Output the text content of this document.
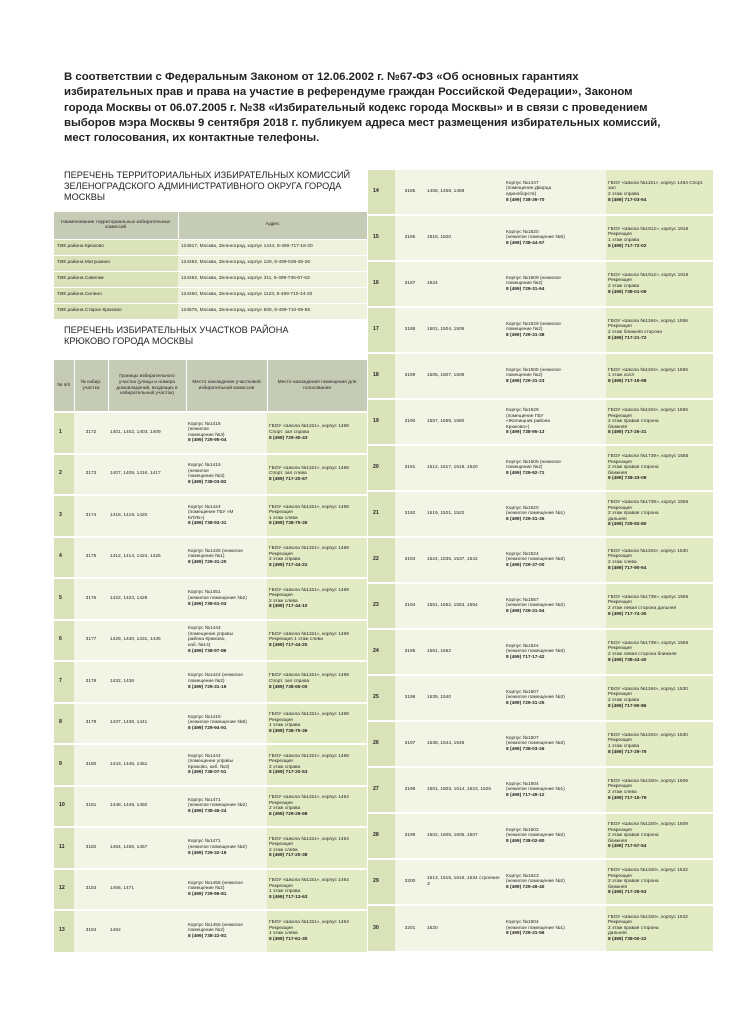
В соответствии с Федеральным Законом от 12.06.2002 г. №67-ФЗ «Об основных гарантиях избирательных прав и права на участие в референдуме граждан Российской Федерации», Законом города Москвы от 06.07.2005 г. №38 «Избирательный кодекс города Москвы» и в связи с проведением выборов мэра Москвы 9 сентября 2018 г. публикуем адреса мест размещения избирательных комиссий, мест голосования, их контактные телефоны.
ПЕРЕЧЕНЬ ТЕРРИТОРИАЛЬНЫХ ИЗБИРАТЕЛЬНЫХ КОМИССИЙ ЗЕЛЕНОГРАДСКОГО АДМИНИСТРАТИВНОГО ОКРУГА ГОРОДА МОСКВЫ
Наименование территориальных избирательных комиссий	Адрес
ТИК района Крюково	124617, Москва, Зеленоград, корпус 1444, 8-499-717-18-20
ТИК района Матушкино	124482, Москва, Зеленоград, корпус 128, 8-499-538-45-26
ТИК района Савелки	124482, Москва, Зеленоград, корпус 311, 8-499-736-67-63
ТИК района Силино	124460, Москва, Зеленоград, корпус 1123, 8-499-710-44-20
ТИК района Старое Крюково	124575, Москва, Зеленоград, корпус 830, 8-499-710-09-55
ПЕРЕЧЕНЬ ИЗБИРАТЕЛЬНЫХ УЧАСТКОВ РАЙОНА КРЮКОВО ГОРОДА МОСКВЫ
№ п/п	№ избир. участка	Границы избирательного участка (улицы и номера домовладений, входящих в избирательный участок)	Место нахождения участковой избирательной комиссии	Место нахождения помещения для голосования
1	3172	1401, 1402, 1403, 1409	Корпус №1416
(нежилое
помещение №3)
8 (499) 729-95-04	ГБОУ «Школа №1151», корпус 1468
Спорт. зал справа
8 (499) 729-30-43

2	3173	1407, 1409, 1416, 1417	Корпус №1416
(нежилое
помещение №3)
8 (499) 738-03-82	ГБОУ «Школа №1151», корпус 1468
Спорт. зал слева
8 (499) 717-20-67

3	3174	1418, 1419, 1420	Корпус №1424
(помещение ГБУ «М
КЛУБ»)
8 (499) 738-93-31	ГБОУ «Школа №1151», корпус 1468
Рекреация
1 этаж слева
8 (499) 738-75-35

4	3175	1412, 1414, 1424, 1425	Корпус №1425 (нежилое
помещение №1)
8 (499) 729-31-20	ГБОУ «Школа №1151», корпус 1469
Рекреация
2 этаж справа
8 (499) 717-44-22

5	3176	1422, 1423, 1428	Корпус №1451
(нежилое помещение №2)
8 (499) 738-51-03	ГБОУ «Школа №1151», корпус 1469
Рекреация
2 этаж слева
8 (499) 717-44-10

6	3177	1429, 1430, 1431, 1435	Корпус №1444
(помещение управы
района Крюково,
каб. №14)
8 (499) 738-97-86	ГБОУ «Школа №1151», корпус 1469
Рекреация 1 этаж слева
8 (499) 717-44-20

7	3178	1432, 1436	Корпус №1424 (нежилое
помещение №2)
8 (499) 729-31-15	ГБОУ «Школа №1151», корпус 1469
Спорт. зал справа
8 (499) 738-65-00

8	3179	1437, 1438, 1441	Корпус №1416
(нежилое помещение №8)
8 (499) 729-94-91	ГБОУ «Школа №1151», корпус 1468
Рекреация
1 этаж справа
8 (499) 738-75-36

9	3180	1443, 1445, 1451	Корпус №1444
(помещение управы
Крюково, каб. №3)
8 (499) 738-07-51	ГБОУ «Школа №1151», корпус 1468
Рекреация
2 этаж справа
8 (499) 717-20-53

10	3181	1448, 1449, 1450	Корпус №1471
(нежилое помещение №2)
8 (499) 738-46-24	ГБОУ «Школа №1151», корпус 1464
Рекреация
2 этаж справа
8 (499) 729-29-98

11	3182	1454, 1456, 1457	Корпус №1471
(нежилое помещение №2)
8 (499) 729-32-19	ГБОУ «Школа №1151», корпус 1464
Рекреация
2 этаж слева
8 (499) 717-20-38

12	3183	1466, 1471	Корпус №1455 (нежилое
помещение №2)
8 (499) 729-96-81	ГБОУ «Школа №1151», корпус 1464
Рекреация
1 этаж справа
8 (499) 717-13-63

13	3184	1462	Корпус №1455 (нежилое
помещение №2)
8 (499) 738-22-81	ГБОУ «Школа №1151», корпус 1464
Рекреация
1 этаж слева
8 (499) 717-61-30
14	3185	1455, 1458, 1459	Корпус №1447
(помещение Дворца
единоборств)
8 (499) 738-39-70	ГБОУ «Школа №1151», корпус 1464 Спорт. зал
2 этаж справа
8 (499) 717-03-64

15	3186	1818, 1820	Корпус №1820
(нежилое помещение №5)
8 (499) 738-44-57	ГБОУ «Школа №1912», корпус 1816
Рекреация
1 этаж справа
8 (499) 717-72-02

16	3187	1824	Корпус №1809 (нежилое
помещение №2)
8 (499) 729-31-64	ГБОУ «Школа №1912», корпус 1816
Рекреация
2 этаж справа
8 (499) 738-01-09

17	3188	1501, 1504, 1506	Корпус №1529 (нежилое
помещение №2)
8 (499) 729-31-38	ГБОУ «Школа №1194», корпус 1556
Рекреация
2 этаж ближняя сторона
8 (499) 717-21-72

18	3189	1505, 1507, 1509	Корпус №1505 (нежилое
помещение №2)
8 (499) 729-31-23	ГБОУ «Школа №1194», корпус 1556
1 этаж холл
8 (499) 717-19-98

19	3190	1557, 1559, 1560	Корпус №1529
(помещение ГБУ
«Жилищник района
Крюково»)
8 (499) 738-95-13	ГБОУ «Школа №1194», корпус 1556
Рекреация
2 этаж правая сторона
ближняя
8 (499) 717-26-31

20	3191	1512, 1517, 1518, 1520	Корпус №1505 (нежилое
помещение №2)
8 (499) 729-92-71	ГБОУ «Школа №1739», корпус 1555
Рекреация
2 этаж правая сторона
ближняя
8 (499) 738-33-09

21	3192	1519, 1521, 1522	Корпус №1520
(нежилое помещение №1)
8 (499) 729-31-35	ГБОУ «Школа №1739», корпус 1555
Рекреация
2 этаж правая сторона
дальняя
8 (499) 729-92-80

22	3193	1524, 1535, 1537, 1542	Корпус №1524
(нежилое помещение №3)
8 (499) 729-37-00	ГБОУ «Школа №1194», корпус 1530
Рекреация
2 этаж слева
8 (499) 717-90-64

23	3194	1551, 1552, 1553, 1554	Корпус №1557
(нежилое помещение №2)
8 (499) 729-31-54	ГБОУ «Школа №1739», корпус 1555
Рекреация
2 этаж левая сторона дальняя
8 (499) 717-74-30

24	3195	1561, 1562	Корпус №1524
(нежилое помещение №3)
8 (499) 717-17-42	ГБОУ «Школа №1739», корпус 1555
Рекреация
2 этаж левая сторона ближняя
8 (499) 738-44-40

25	3196	1539, 1540	Корпус №1507
(нежилое помещение №3)
8 (499) 729-31-25	ГБОУ «Школа №1194», корпус 1530
Рекреация
2 этаж справа
8 (499) 717-90-86

26	3197	1538, 1544, 1546	Корпус №1507
(нежилое помещение №3)
8 (499) 738-03-26	ГБОУ «Школа №1194», корпус 1530
Рекреация
1 этаж справа
8 (499) 717-29-75

27	3198	1601, 1603, 1614, 1623, 1626	Корпус №1604
(нежилое помещение №1)
8 (499) 717-49-12	ГБОУ «Школа №1150», корпус 1609
Рекреация
2 этаж слева
8 (499) 717-15-79

28	3199	1602, 1605, 1606, 1607	Корпус №1602
(нежилое помещение №2)
8 (499) 738-02-80	ГБОУ «Школа №1150», корпус 1609
Рекреация
2 этаж правая сторона
ближняя
8 (499) 717-57-54

29	3200	1613, 1615, 1616, 1634 строение 3	Корпус №1623
(нежилое помещение №2)
8 (499) 729-49-40	ГБОУ «Школа №1150», корпус 1632
Рекреация
2 этаж правая сторона
ближняя
8 (499) 717-28-53

30	3201	1620	Корпус №1604
(нежилое помещение №1)
8 (499) 729-31-56	ГБОУ «Школа №1150», корпус 1632
Рекреация
2 этаж правая сторона
дальняя
8 (499) 738-00-22
